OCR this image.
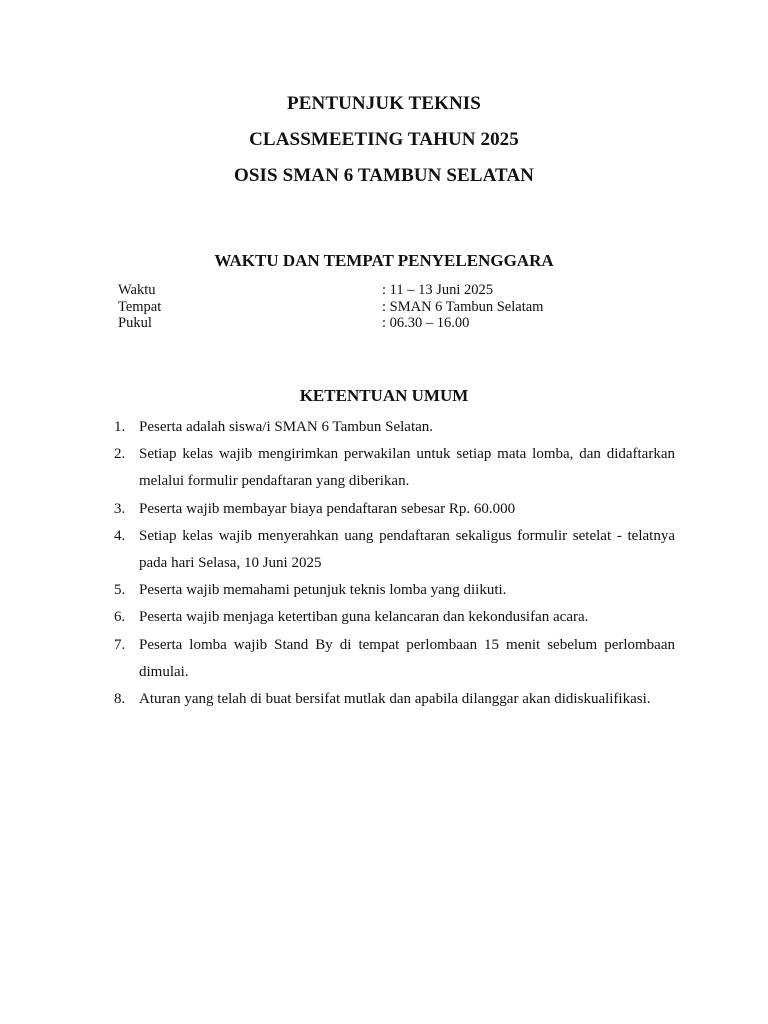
PENTUNJUK TEKNIS
CLASSMEETING TAHUN 2025
OSIS SMAN 6 TAMBUN SELATAN
WAKTU DAN TEMPAT PENYELENGGARA
Waktu	: 11 – 13 Juni 2025
Tempat	: SMAN 6 Tambun Selatam
Pukul	: 06.30 – 16.00
KETENTUAN UMUM
1. Peserta adalah siswa/i SMAN 6 Tambun Selatan.
2. Setiap kelas wajib mengirimkan perwakilan untuk setiap mata lomba, dan didaftarkan melalui formulir pendaftaran yang diberikan.
3. Peserta wajib membayar biaya pendaftaran sebesar Rp. 60.000
4. Setiap kelas wajib menyerahkan uang pendaftaran sekaligus formulir setelat - telatnya pada hari Selasa, 10 Juni 2025
5. Peserta wajib memahami petunjuk teknis lomba yang diikuti.
6. Peserta wajib menjaga ketertiban guna kelancaran dan kekondusifan acara.
7. Peserta lomba wajib Stand By di tempat perlombaan 15 menit sebelum perlombaan dimulai.
8. Aturan yang telah di buat bersifat mutlak dan apabila dilanggar akan didiskualifikasi.
